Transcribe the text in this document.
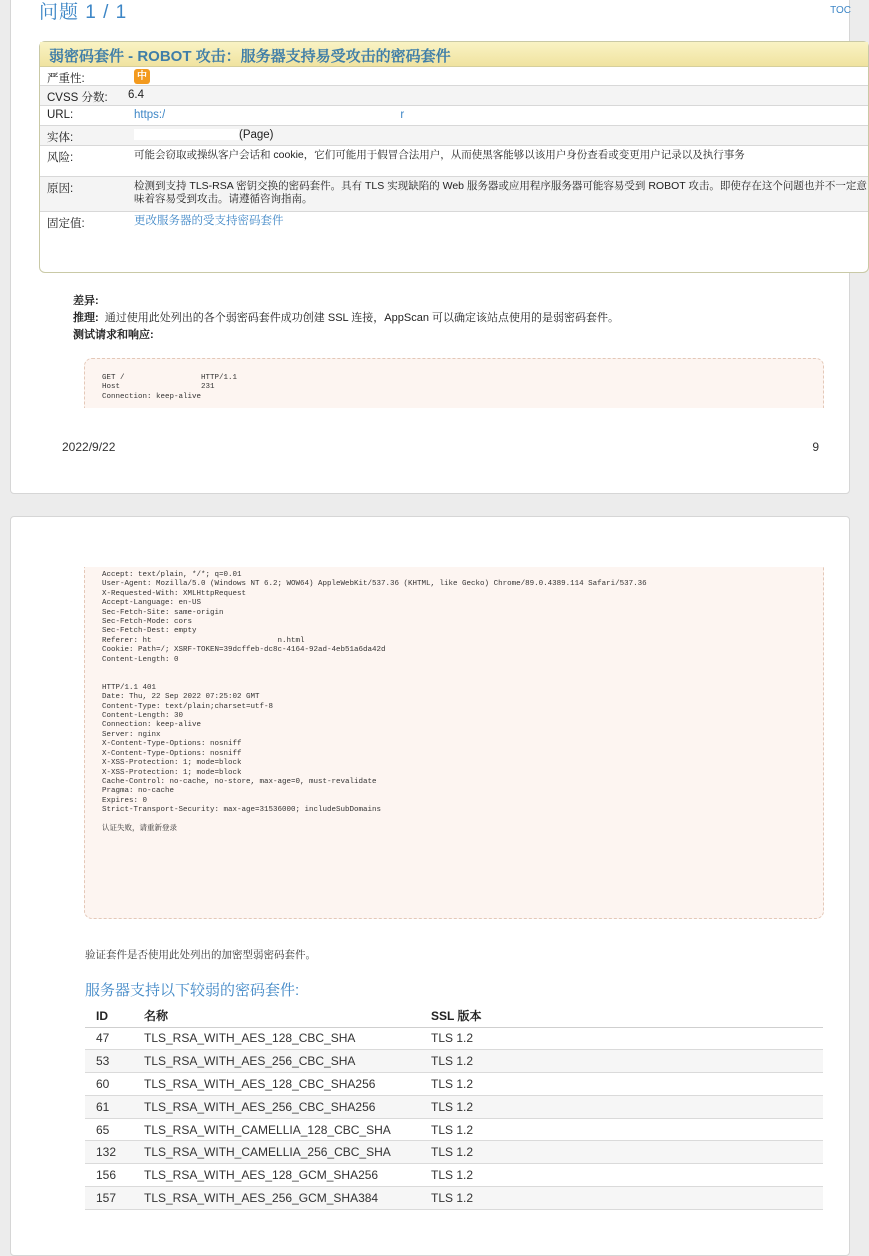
问题 1 / 1	TOC
弱密码套件 - ROBOT 攻击：服务器支持易受攻击的密码套件
严重性:	中
CVSS 分数:	6.4
URL:	https:/	r
实体:	(Page)
风险:	可能会窃取或操纵客户会话和 cookie，它们可能用于假冒合法用户，从而使黑客能够以该用户身份查看或变更用户记录以及执行事务
原因:	检测到支持 TLS-RSA 密钥交换的密码套件。具有 TLS 实现缺陷的 Web 服务器或应用程序服务器可能容易受到 ROBOT 攻击。即使存在这个问题也并不一定意味着容易受到攻击。请遵循咨询指南。
固定值:	更改服务器的受支持密码套件
差异:
推理: 通过使用此处列出的各个弱密码套件成功创建 SSL 连接，AppScan 可以确定该站点使用的是弱密码套件。
测试请求和响应:
GET /                 HTTP/1.1
Host                  231
Connection: keep-alive
2022/9/22	9
Accept: text/plain, */*; q=0.01
User-Agent: Mozilla/5.0 (Windows NT 6.2; WOW64) AppleWebKit/537.36 (KHTML, like Gecko) Chrome/89.0.4389.114 Safari/537.36
X-Requested-With: XMLHttpRequest
Accept-Language: en-US
Sec-Fetch-Site: same-origin
Sec-Fetch-Mode: cors
Sec-Fetch-Dest: empty
Referer: ht                            n.html
Cookie: Path=/; XSRF-TOKEN=39dcffeb-dc8c-4164-92ad-4eb51a6da42d
Content-Length: 0
HTTP/1.1 401
Date: Thu, 22 Sep 2022 07:25:02 GMT
Content-Type: text/plain;charset=utf-8
Content-Length: 30
Connection: keep-alive
Server: nginx
X-Content-Type-Options: nosniff
X-Content-Type-Options: nosniff
X-XSS-Protection: 1; mode=block
X-XSS-Protection: 1; mode=block
Cache-Control: no-cache, no-store, max-age=0, must-revalidate
Pragma: no-cache
Expires: 0
Strict-Transport-Security: max-age=31536000; includeSubDomains
认证失败，请重新登录
验证套件是否使用此处列出的加密型弱密码套件。
服务器支持以下较弱的密码套件:
ID	名称	SSL 版本
47	TLS_RSA_WITH_AES_128_CBC_SHA	TLS 1.2
53	TLS_RSA_WITH_AES_256_CBC_SHA	TLS 1.2
60	TLS_RSA_WITH_AES_128_CBC_SHA256	TLS 1.2
61	TLS_RSA_WITH_AES_256_CBC_SHA256	TLS 1.2
65	TLS_RSA_WITH_CAMELLIA_128_CBC_SHA	TLS 1.2
132	TLS_RSA_WITH_CAMELLIA_256_CBC_SHA	TLS 1.2
156	TLS_RSA_WITH_AES_128_GCM_SHA256	TLS 1.2
157	TLS_RSA_WITH_AES_256_GCM_SHA384	TLS 1.2
